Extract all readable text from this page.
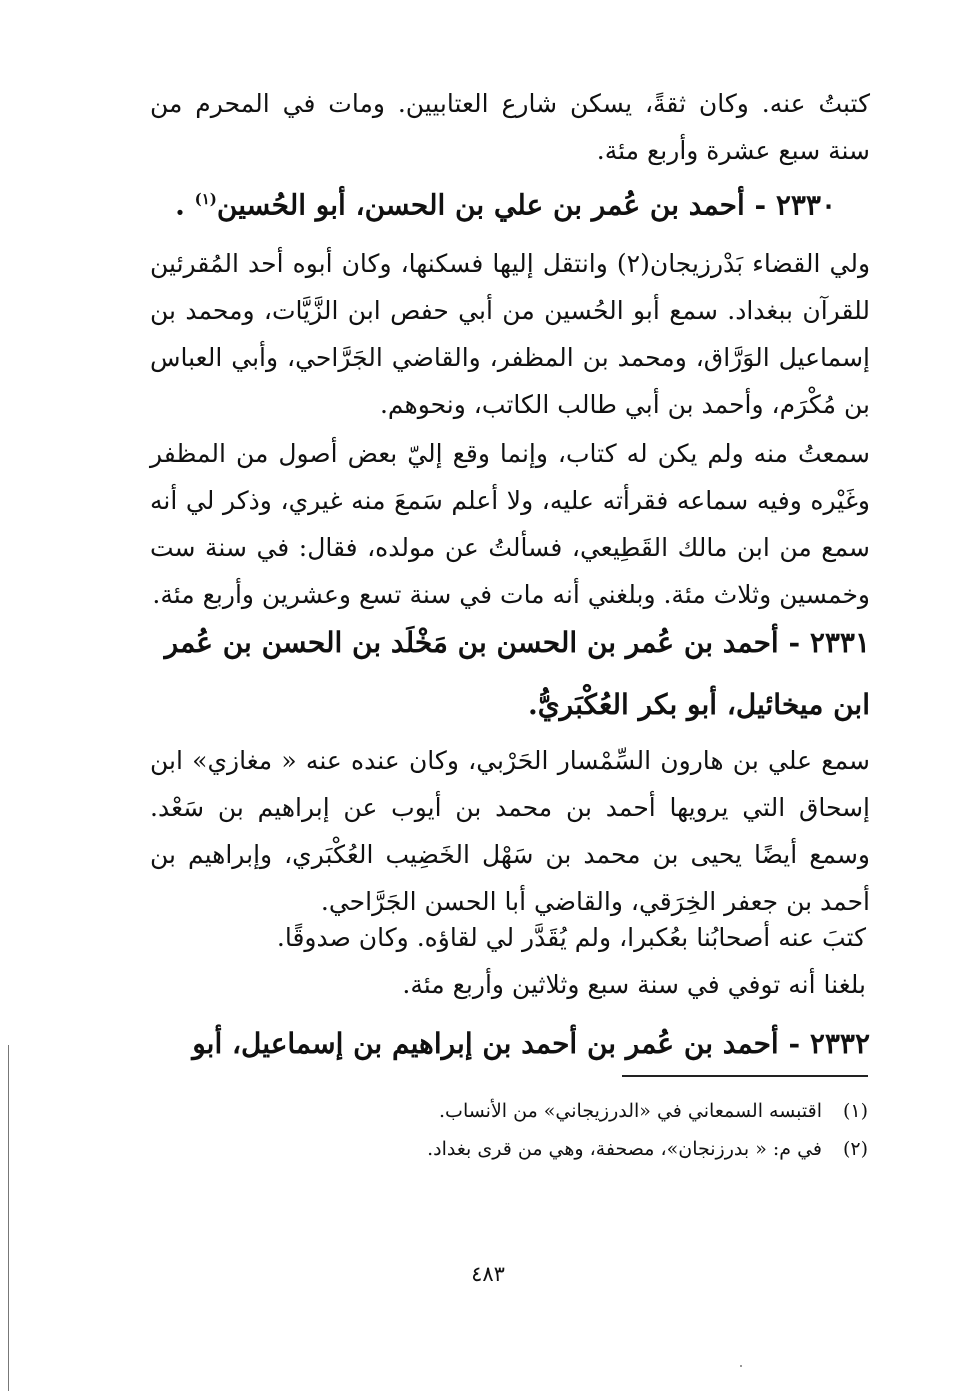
كتبتُ عنه. وكان ثقةً، يسكن شارع العتابيين. ومات في المحرم من سنة سبع عشرة وأربع مئة.
٢٣٣٠ - أحمد بن عُمر بن علي بن الحسن، أبو الحُسين$^{(١)}$ .
ولي القضاء بَدْرزيجان(٢) وانتقل إليها فسكنها، وكان أبوه أحد المُقرئين للقرآن ببغداد. سمع أبو الحُسين من أبي حفص ابن الزَّيَّات، ومحمد بن إسماعيل الوَرَّاق، ومحمد بن المظفر، والقاضي الجَرَّاحي، وأبي العباس بن مُكْرَم، وأحمد بن أبي طالب الكاتب، ونحوهم.
سمعتُ منه ولم يكن له كتاب، وإنما وقع إليّ بعض أصول من المظفر وغَيْره وفيه سماعه فقرأته عليه، ولا أعلم سَمعَ منه غيري، وذكر لي أنه سمع من ابن مالك القَطِيعي، فسألتُ عن مولده، فقال: في سنة ست وخمسين وثلاث مئة. وبلغني أنه مات في سنة تسع وعشرين وأربع مئة.
٢٣٣١ - أحمد بن عُمر بن الحسن بن مَخْلَد بن الحسن بن عُمر ابن ميخائيل، أبو بكر العُكْبَريُّ.
سمع علي بن هارون السِّمْسار الحَرْبي، وكان عنده عنه « مغازي» ابن إسحاق التي يرويها أحمد بن محمد بن أيوب عن إبراهيم بن سَعْد. وسمع أيضًا يحيى بن محمد بن سَهْل الخَضِيب العُكْبَري، وإبراهيم بن أحمد بن جعفر الخِرَقي، والقاضي أبا الحسن الجَرَّاحي.
كتبَ عنه أصحابُنا بعُكبرا، ولم يُقَدَّر لي لقاؤه. وكان صدوقًا.
بلغنا أنه توفي في سنة سبع وثلاثين وأربع مئة.
٢٣٣٢ - أحمد بن عُمر بن أحمد بن إبراهيم بن إسماعيل، أبو
(١)
اقتبسه السمعاني في «الدرزيجاني» من الأنساب.
(٢)
في م: « بدرزنجان»، مصحفة، وهي من قرى بغداد.
٤٨٣
